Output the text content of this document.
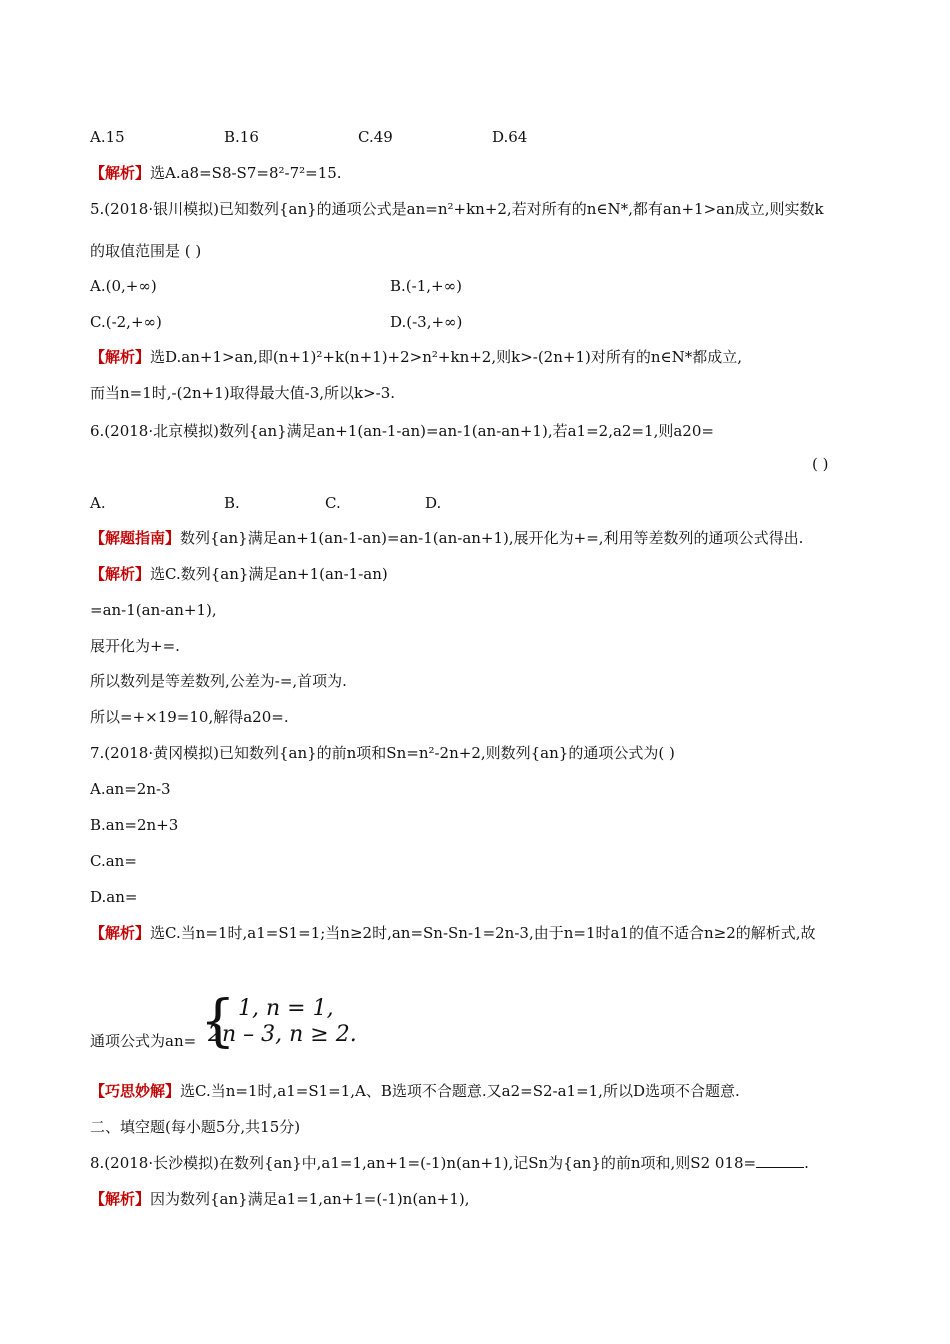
A.15	B.16	C.49	D.64
【解析】选A.a8=S8-S7=8²-7²=15.
5.(2018·银川模拟)已知数列{an}的通项公式是an=n²+kn+2,若对所有的n∈N*,都有an+1>an成立,则实数k
的取值范围是 ( )
A.(0,+∞)	B.(-1,+∞)
C.(-2,+∞)	D.(-3,+∞)
【解析】选D.an+1>an,即(n+1)²+k(n+1)+2>n²+kn+2,则k>-(2n+1)对所有的n∈N*都成立,
而当n=1时,-(2n+1)取得最大值-3,所以k>-3.
6.(2018·北京模拟)数列{an}满足an+1(an-1-an)=an-1(an-an+1),若a1=2,a2=1,则a20=
( )
A.	B.	C.	D.
【解题指南】数列{an}满足an+1(an-1-an)=an-1(an-an+1),展开化为+=,利用等差数列的通项公式得出.
【解析】选C.数列{an}满足an+1(an-1-an)
=an-1(an-an+1),
展开化为+=.
所以数列是等差数列,公差为-=,首项为.
所以=+×19=10,解得a20=.
7.(2018·黄冈模拟)已知数列{an}的前n项和Sn=n²-2n+2,则数列{an}的通项公式为( )
A.an=2n-3
B.an=2n+3
C.an=
D.an=
【解析】选C.当n=1时,a1=S1=1;当n≥2时,an=Sn-Sn-1=2n-3,由于n=1时a1的值不适合n≥2的解析式,故
通项公式为an= { 1, n = 1,
2n – 3, n ≥ 2.
【巧思妙解】选C.当n=1时,a1=S1=1,A、B选项不合题意.又a2=S2-a1=1,所以D选项不合题意.
二、填空题(每小题5分,共15分)
8.(2018·长沙模拟)在数列{an}中,a1=1,an+1=(-1)n(an+1),记Sn为{an}的前n项和,则S2 018=	.
【解析】因为数列{an}满足a1=1,an+1=(-1)n(an+1),
